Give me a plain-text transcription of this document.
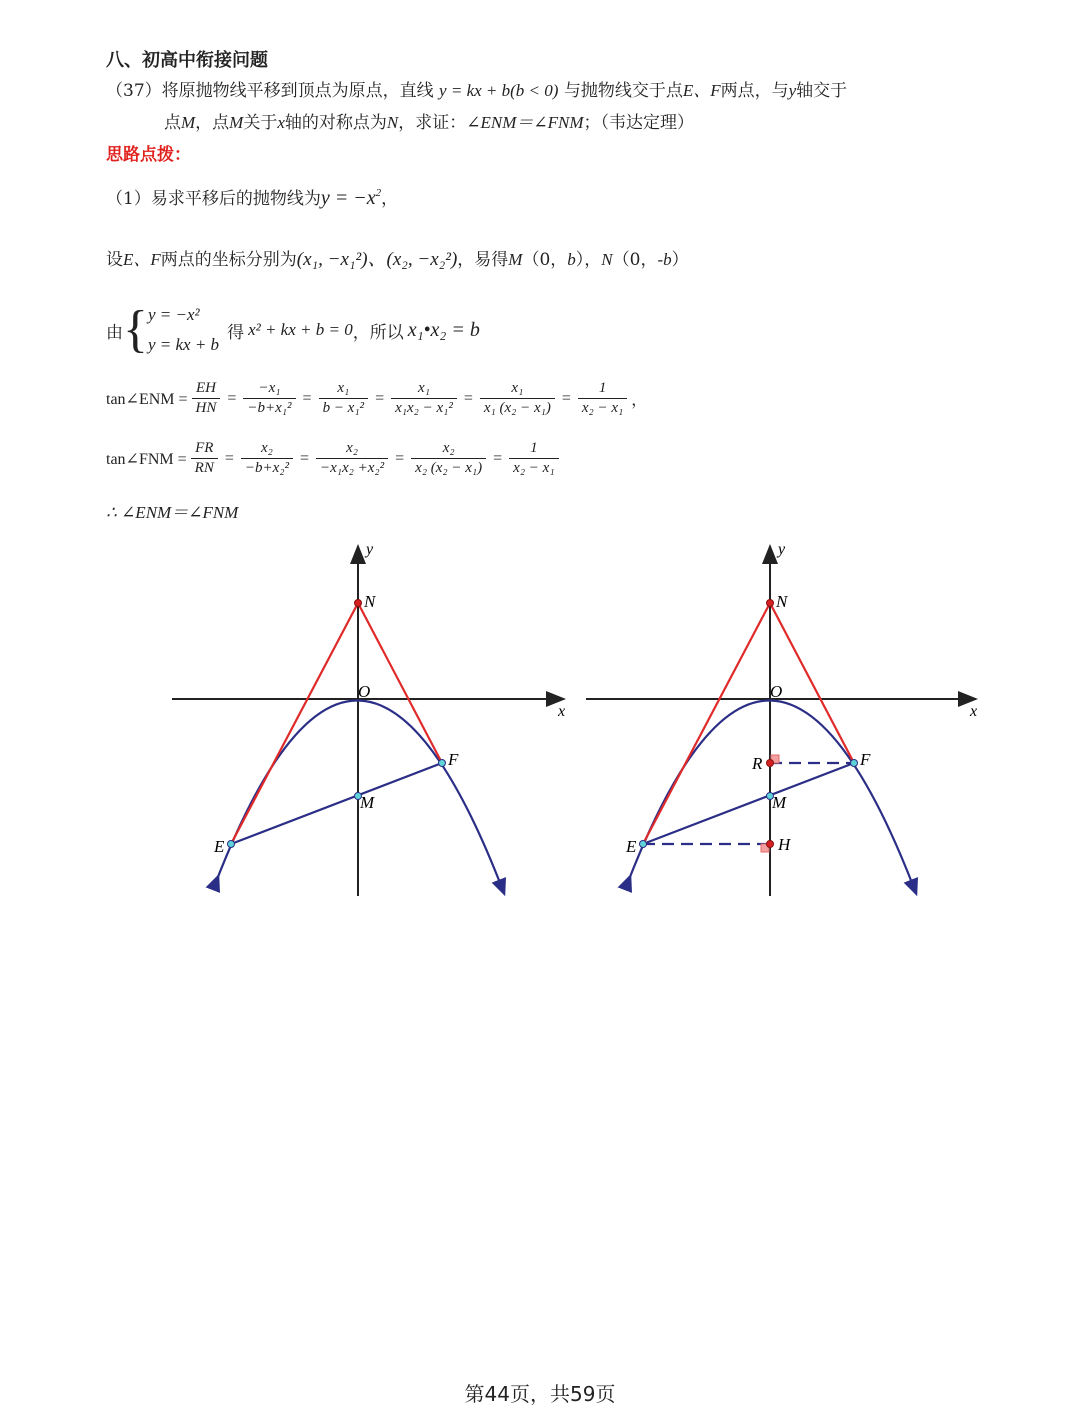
八、初高中衔接问题
（37）将原抛物线平移到顶点为原点，直线 y = kx + b(b < 0) 与抛物线交于点E、F两点，与y轴交于
点M，点M关于x轴的对称点为N，求证：∠ENM＝∠FNM；（韦达定理）
思路点拨：
（1）易求平移后的抛物线为$y = -x^2$，
设E、F两点的坐标分别为(x₁, −x₁²)、(x₂, −x₂²)，易得M（0，b），N（0，-b）
由 { y = −x²
y = kx + b
得 x² + kx + b = 0 ，所以 x₁•x₂ = b
tan∠ENM = $\frac{EH}{HN} = \frac{\text{−x₁}}{\text{−b+x₁²}} = \frac{\text{x₁}}{\text{b − x₁²}} = \frac{\text{x₁}}{\text{x₁x₂ − x₁²}} = \frac{\text{x₁}}{\text{x₁ (x₂ − x₁)}} = \frac{1}{\text{x₂ − x₁}}$ ，
tan∠FNM = $\frac{FR}{RN} = \frac{\text{x₂}}{\text{−b+x₂²}} = \frac{\text{x₂}}{\text{−x₁x₂ +x₂²}} = \frac{\text{x₂}}{\text{x₂ (x₂ − x₁)}} = \frac{1}{\text{x₂ − x₁}}$
∴ ∠ENM＝∠FNM
y
x
N
O
F
M
E
y
x
N
O
R	F
M
E	H
第44页，共59页
